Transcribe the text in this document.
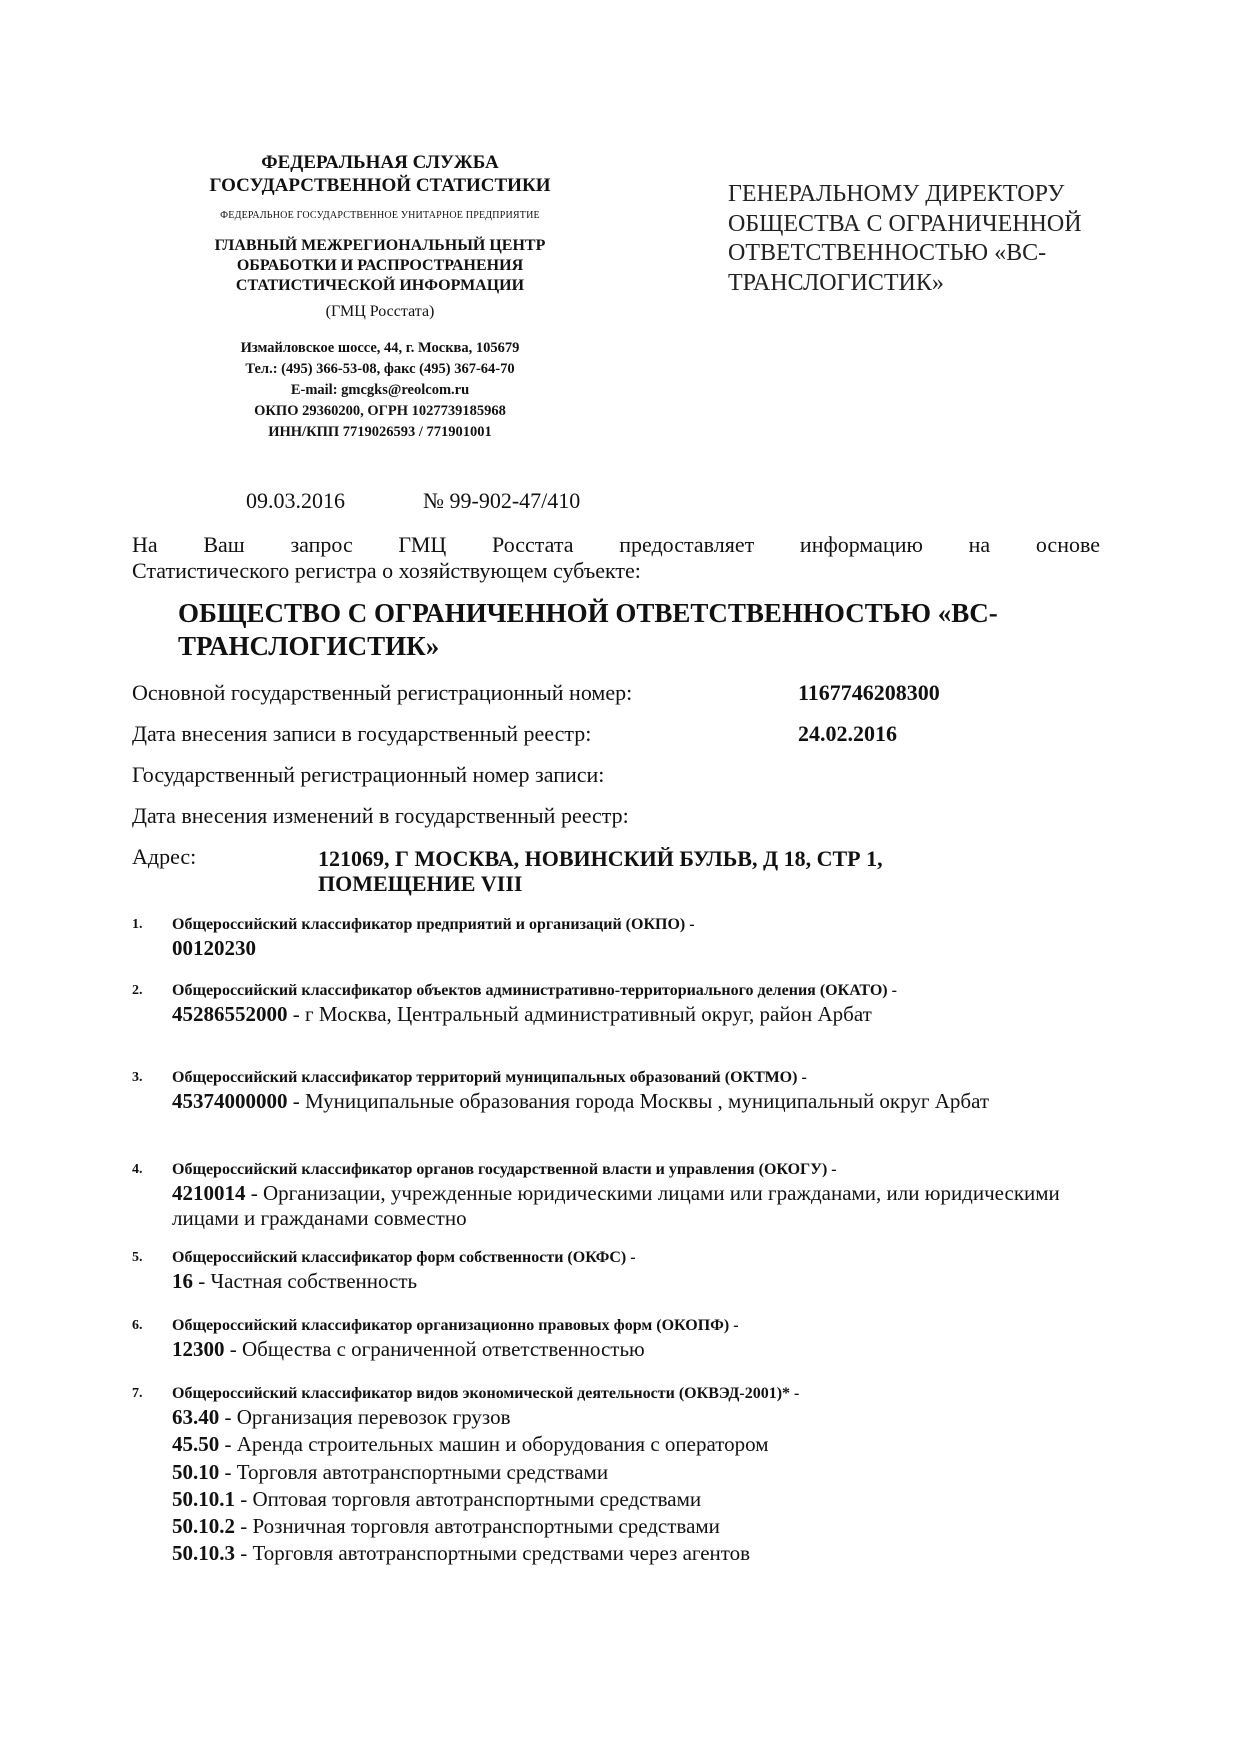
ФЕДЕРАЛЬНАЯ СЛУЖБА
ГОСУДАРСТВЕННОЙ СТАТИСТИКИ
ФЕДЕРАЛЬНОЕ ГОСУДАРСТВЕННОЕ УНИТАРНОЕ ПРЕДПРИЯТИЕ
ГЛАВНЫЙ МЕЖРЕГИОНАЛЬНЫЙ ЦЕНТР
ОБРАБОТКИ И РАСПРОСТРАНЕНИЯ
СТАТИСТИЧЕСКОЙ ИНФОРМАЦИИ
(ГМЦ Росстата)
Измайловское шоссе, 44, г. Москва, 105679
Тел.: (495) 366-53-08, факс (495) 367-64-70
E-mail: gmcgks@reolcom.ru
ОКПО 29360200, ОГРН 1027739185968
ИНН/КПП 7719026593 / 771901001
ГЕНЕРАЛЬНОМУ ДИРЕКТОРУ
ОБЩЕСТВА С ОГРАНИЧЕННОЙ
ОТВЕТСТВЕННОСТЬЮ «ВС-
ТРАНСЛОГИСТИК»
09.03.2016	№ 99-902-47/410
На Ваш запрос ГМЦ Росстата предоставляет информацию на основе
Статистического регистра о хозяйствующем субъекте:
ОБЩЕСТВО С ОГРАНИЧЕННОЙ ОТВЕТСТВЕННОСТЬЮ «ВС-
ТРАНСЛОГИСТИК»
Основной государственный регистрационный номер:	1167746208300
Дата внесения записи в государственный реестр:	24.02.2016
Государственный регистрационный номер записи:
Дата внесения изменений в государственный реестр:
Адрес:	121069, Г МОСКВА, НОВИНСКИЙ БУЛЬВ, Д 18, СТР 1,
ПОМЕЩЕНИЕ VIII
1. Общероссийский классификатор предприятий и организаций (ОКПО) -
00120230
2. Общероссийский классификатор объектов административно-территориального деления (ОКАТО) -
45286552000 - г Москва, Центральный административный округ, район Арбат
3. Общероссийский классификатор территорий муниципальных образований (ОКТМО) -
45374000000 - Муниципальные образования города Москвы , муниципальный округ Арбат
4. Общероссийский классификатор органов государственной власти и управления (ОКОГУ) -
4210014 - Организации, учрежденные юридическими лицами или гражданами, или юридическими лицами и гражданами совместно
5. Общероссийский классификатор форм собственности (ОКФС) -
16 - Частная собственность
6. Общероссийский классификатор организационно правовых форм (ОКОПФ) -
12300 - Общества с ограниченной ответственностью
7. Общероссийский классификатор видов экономической деятельности (ОКВЭД-2001)* -
63.40 - Организация перевозок грузов
45.50 - Аренда строительных машин и оборудования с оператором
50.10 - Торговля автотранспортными средствами
50.10.1 - Оптовая торговля автотранспортными средствами
50.10.2 - Розничная торговля автотранспортными средствами
50.10.3 - Торговля автотранспортными средствами через агентов
